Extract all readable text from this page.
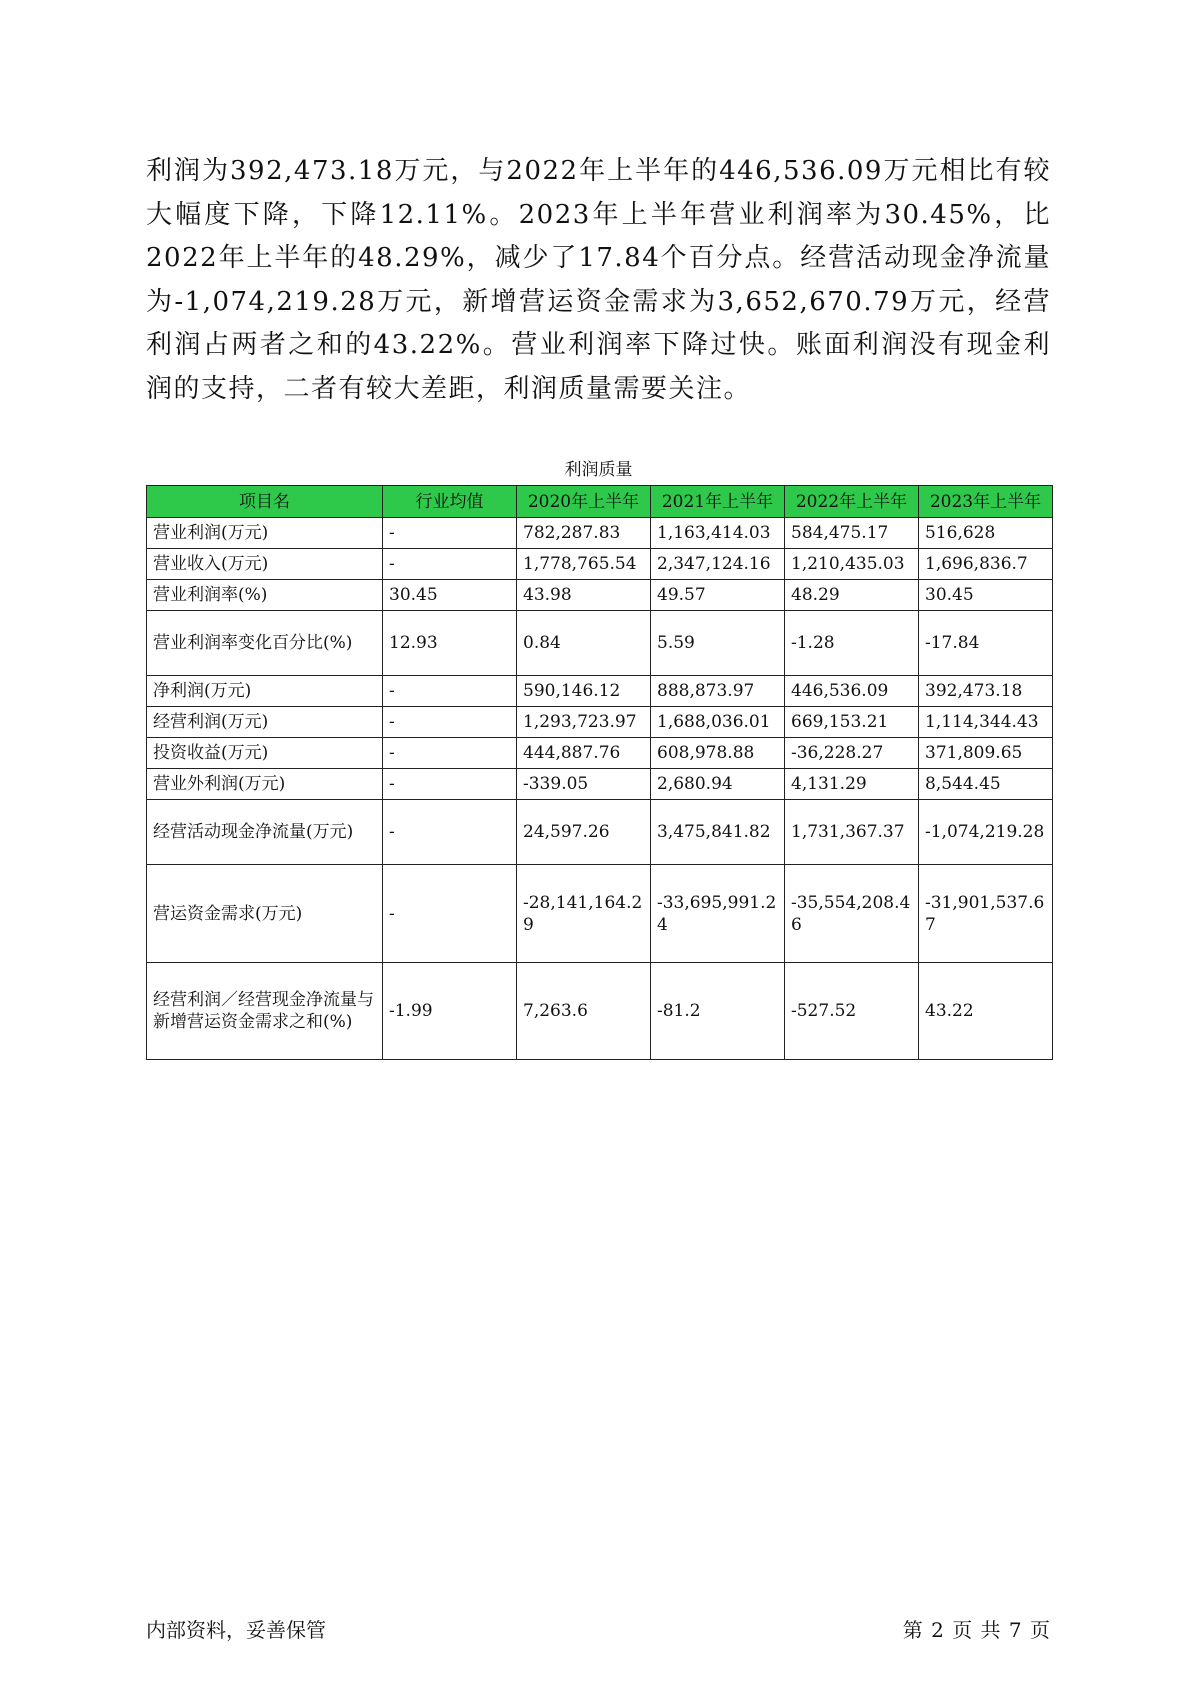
利润为392,473.18万元，与2022年上半年的446,536.09万元相比有较大幅度下降，下降12.11%。2023年上半年营业利润率为30.45%，比2022年上半年的48.29%，减少了17.84个百分点。经营活动现金净流量为-1,074,219.28万元，新增营运资金需求为3,652,670.79万元，经营利润占两者之和的43.22%。营业利润率下降过快。账面利润没有现金利润的支持，二者有较大差距，利润质量需要关注。

利润质量
项目名	行业均值	2020年上半年	2021年上半年	2022年上半年	2023年上半年
营业利润(万元)	-	782,287.83	1,163,414.03	584,475.17	516,628
营业收入(万元)	-	1,778,765.54	2,347,124.16	1,210,435.03	1,696,836.7
营业利润率(%)	30.45	43.98	49.57	48.29	30.45
营业利润率变化百分比(%)	12.93	0.84	5.59	-1.28	-17.84
净利润(万元)	-	590,146.12	888,873.97	446,536.09	392,473.18
经营利润(万元)	-	1,293,723.97	1,688,036.01	669,153.21	1,114,344.43
投资收益(万元)	-	444,887.76	608,978.88	-36,228.27	371,809.65
营业外利润(万元)	-	-339.05	2,680.94	4,131.29	8,544.45
经营活动现金净流量(万元)	-	24,597.26	3,475,841.82	1,731,367.37	-1,074,219.28
营运资金需求(万元)	-	-28,141,164.29	-33,695,991.24	-35,554,208.46	-31,901,537.67
经营利润／经营现金净流量与新增营运资金需求之和(%)	-1.99	7,263.6	-81.2	-527.52	43.22
内部资料，妥善保管	第 2 页 共 7 页
